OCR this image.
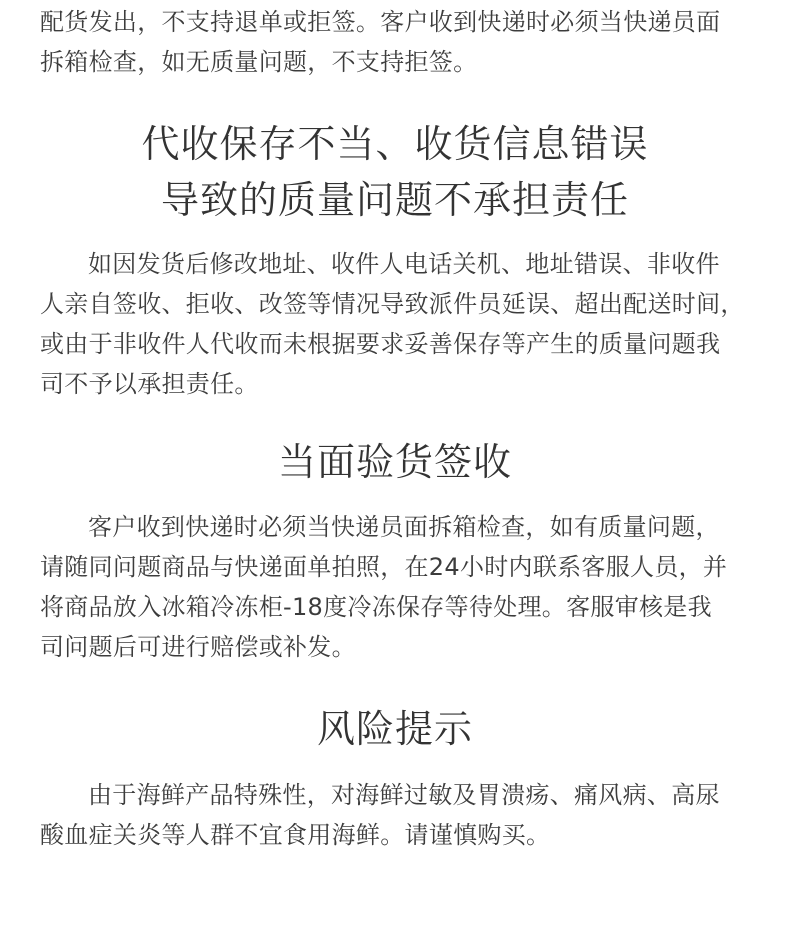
配货发出，不支持退单或拒签。客户收到快递时必须当快递员面
拆箱检查，如无质量问题，不支持拒签。
代收保存不当、收货信息错误
导致的质量问题不承担责任
如因发货后修改地址、收件人电话关机、地址错误、非收件
人亲自签收、拒收、改签等情况导致派件员延误、超出配送时间，
或由于非收件人代收而未根据要求妥善保存等产生的质量问题我
司不予以承担责任。
当面验货签收
客户收到快递时必须当快递员面拆箱检查，如有质量问题，
请随同问题商品与快递面单拍照，在24小时内联系客服人员，并
将商品放入冰箱冷冻柜-18度冷冻保存等待处理。客服审核是我
司问题后可进行赔偿或补发。
风险提示
由于海鲜产品特殊性，对海鲜过敏及胃溃疡、痛风病、高尿
酸血症关炎等人群不宜食用海鲜。请谨慎购买。
